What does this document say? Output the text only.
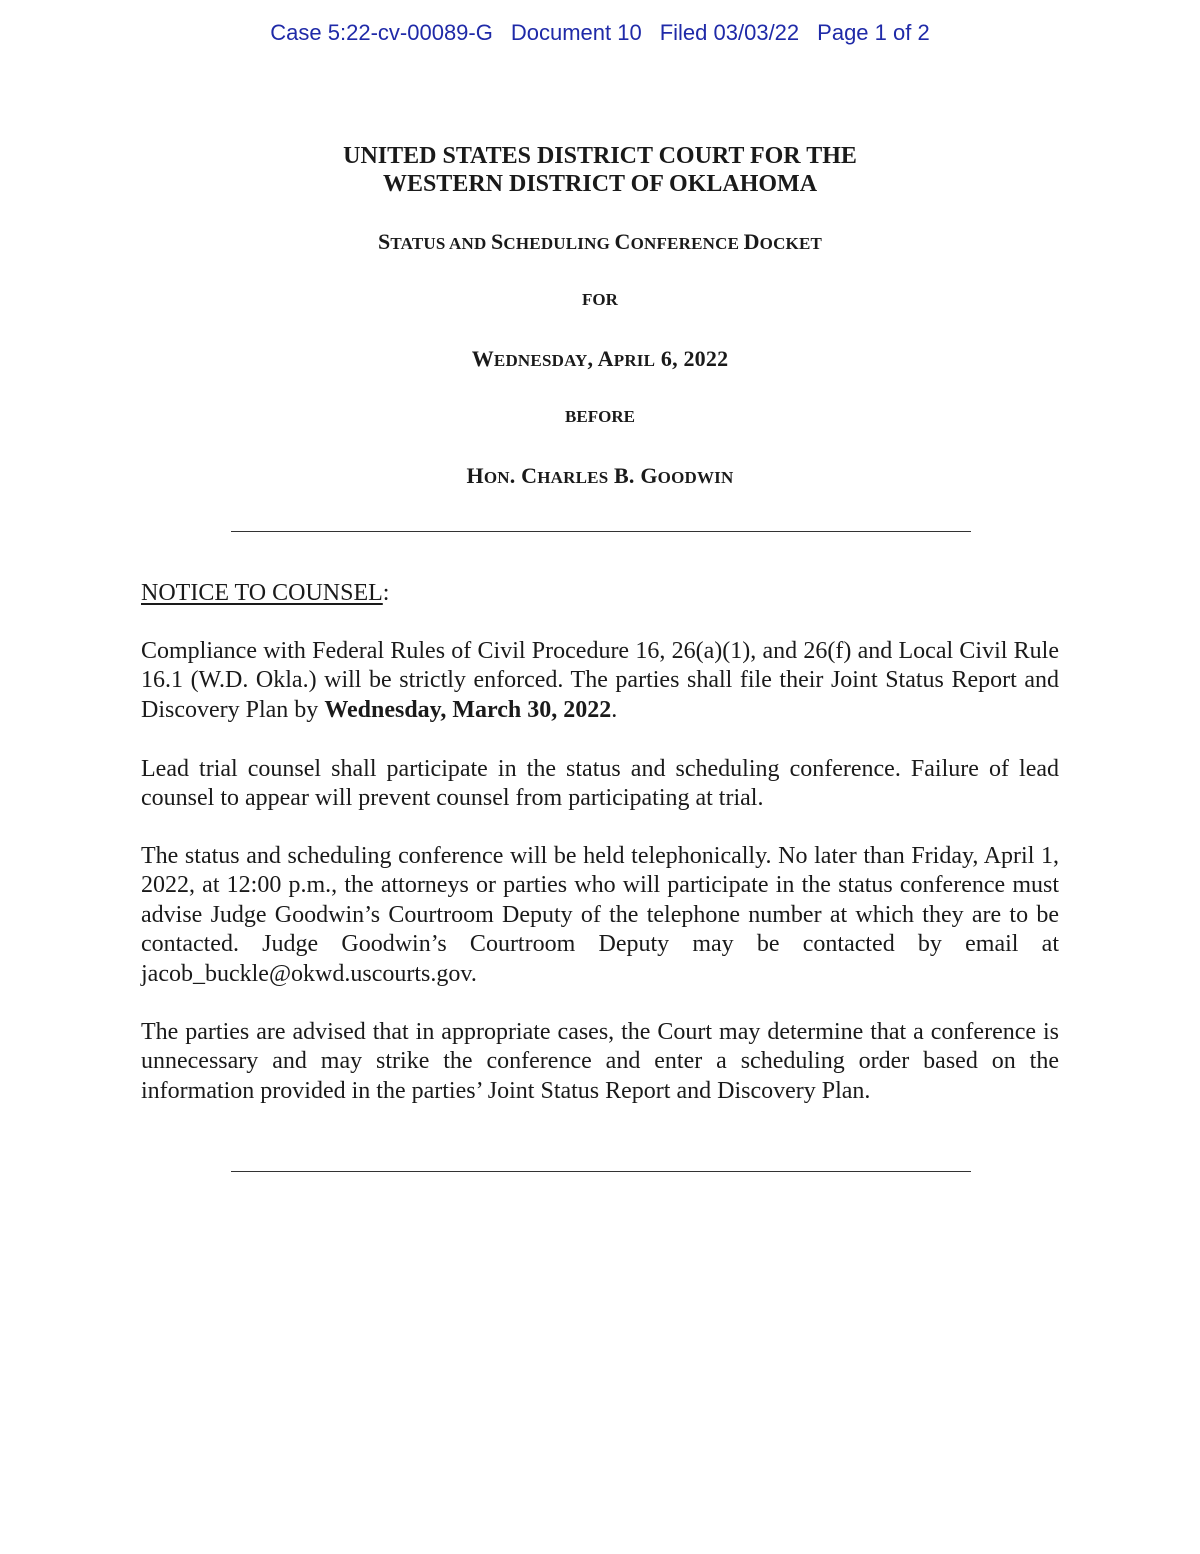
Case 5:22-cv-00089-G Document 10 Filed 03/03/22 Page 1 of 2
UNITED STATES DISTRICT COURT FOR THE
WESTERN DISTRICT OF OKLAHOMA
STATUS AND SCHEDULING CONFERENCE DOCKET
FOR
WEDNESDAY, APRIL 6, 2022
BEFORE
HON. CHARLES B. GOODWIN
NOTICE TO COUNSEL:

Compliance with Federal Rules of Civil Procedure 16, 26(a)(1), and 26(f) and Local Civil Rule 16.1 (W.D. Okla.) will be strictly enforced. The parties shall file their Joint Status Report and Discovery Plan by Wednesday, March 30, 2022.

Lead trial counsel shall participate in the status and scheduling conference. Failure of lead counsel to appear will prevent counsel from participating at trial.

The status and scheduling conference will be held telephonically. No later than Friday, April 1, 2022, at 12:00 p.m., the attorneys or parties who will participate in the status conference must advise Judge Goodwin’s Courtroom Deputy of the telephone number at which they are to be contacted. Judge Goodwin’s Courtroom Deputy may be contacted by email at jacob_buckle@okwd.uscourts.gov.

The parties are advised that in appropriate cases, the Court may determine that a conference is unnecessary and may strike the conference and enter a scheduling order based on the information provided in the parties’ Joint Status Report and Discovery Plan.
